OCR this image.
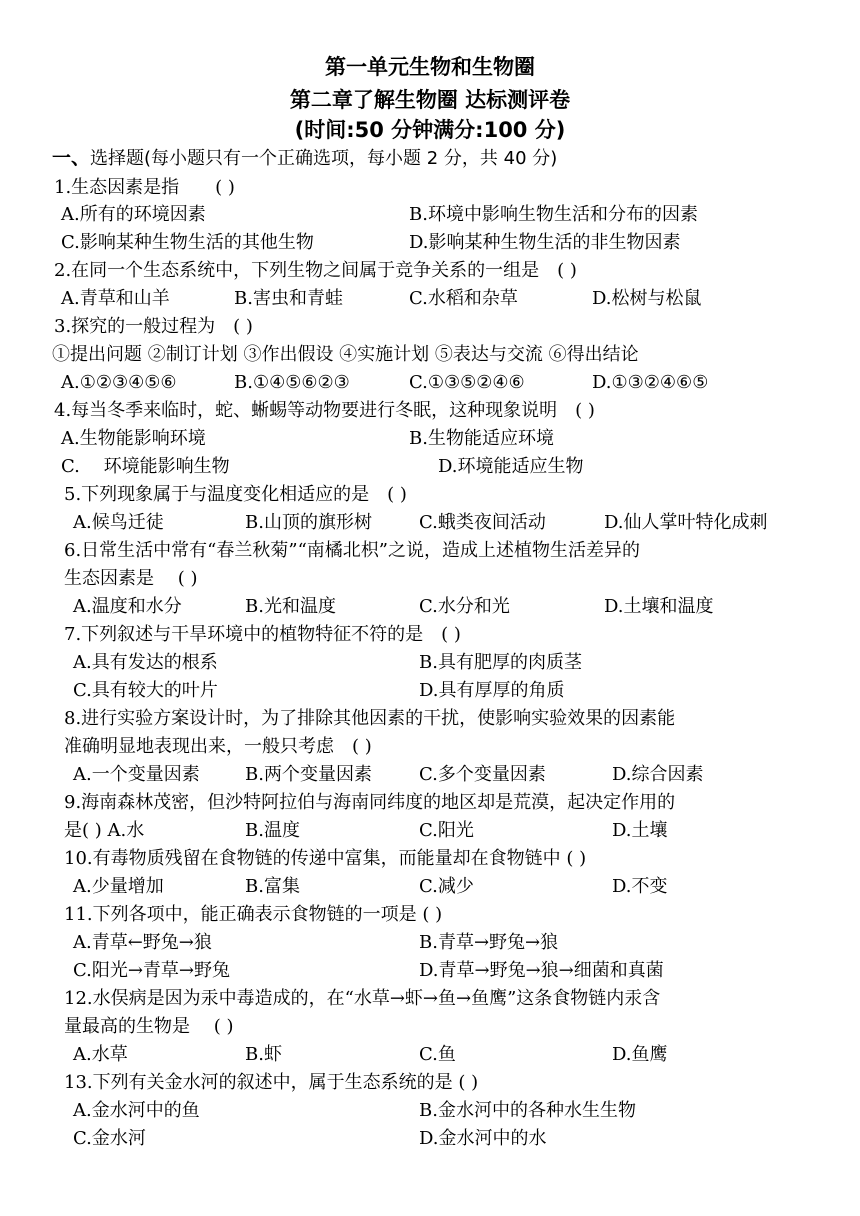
第一单元生物和生物圈
第二章了解生物圈 达标测评卷
(时间:50 分钟满分:100 分)
一、选择题(每小题只有一个正确选项，每小题 2 分，共 40 分)
1.生态因素是指　　( )
A.所有的环境因素	B.环境中影响生物生活和分布的因素
C.影响某种生物生活的其他生物	D.影响某种生物生活的非生物因素
2.在同一个生态系统中，下列生物之间属于竞争关系的一组是　( )
A.青草和山羊	B.害虫和青蛙	C.水稻和杂草	D.松树与松鼠
3.探究的一般过程为　( )
①提出问题 ②制订计划 ③作出假设 ④实施计划 ⑤表达与交流 ⑥得出结论
A.①②③④⑤⑥	B.①④⑤⑥②③	C.①③⑤②④⑥	D.①③②④⑥⑤
4.每当冬季来临时，蛇、蜥蜴等动物要进行冬眠，这种现象说明　( )
A.生物能影响环境	B.生物能适应环境
C.　 环境能影响生物	D.环境能适应生物
5.下列现象属于与温度变化相适应的是　( )
A.候鸟迁徒	B.山顶的旗形树	C.蛾类夜间活动	D.仙人掌叶特化成刺
6.日常生活中常有“春兰秋菊”“南橘北枳”之说，造成上述植物生活差异的
生态因素是　 ( )
A.温度和水分	B.光和温度	C.水分和光	D.土壤和温度
7.下列叙述与干旱环境中的植物特征不符的是　( )
A.具有发达的根系	B.具有肥厚的肉质茎
C.具有较大的叶片	D.具有厚厚的角质
8.进行实验方案设计时，为了排除其他因素的干扰，使影响实验效果的因素能
准确明显地表现出来，一般只考虑　( )
A.一个变量因素	B.两个变量因素	C.多个变量因素	D.综合因素
9.海南森林茂密，但沙特阿拉伯与海南同纬度的地区却是荒漠，起决定作用的
是( ) A.水	B.温度	C.阳光	D.土壤
10.有毒物质残留在食物链的传递中富集，而能量却在食物链中 ( )
A.少量增加	B.富集	C.减少	D.不变
11.下列各项中，能正确表示食物链的一项是 ( )
A.青草←野兔→狼	B.青草→野兔→狼
C.阳光→青草→野兔	D.青草→野兔→狼→细菌和真菌
12.水俣病是因为汞中毒造成的，在“水草→虾→鱼→鱼鹰”这条食物链内汞含
量最高的生物是　 ( )
A.水草	B.虾	C.鱼	D.鱼鹰
13.下列有关金水河的叙述中，属于生态系统的是 ( )
A.金水河中的鱼	B.金水河中的各种水生生物
C.金水河	D.金水河中的水
